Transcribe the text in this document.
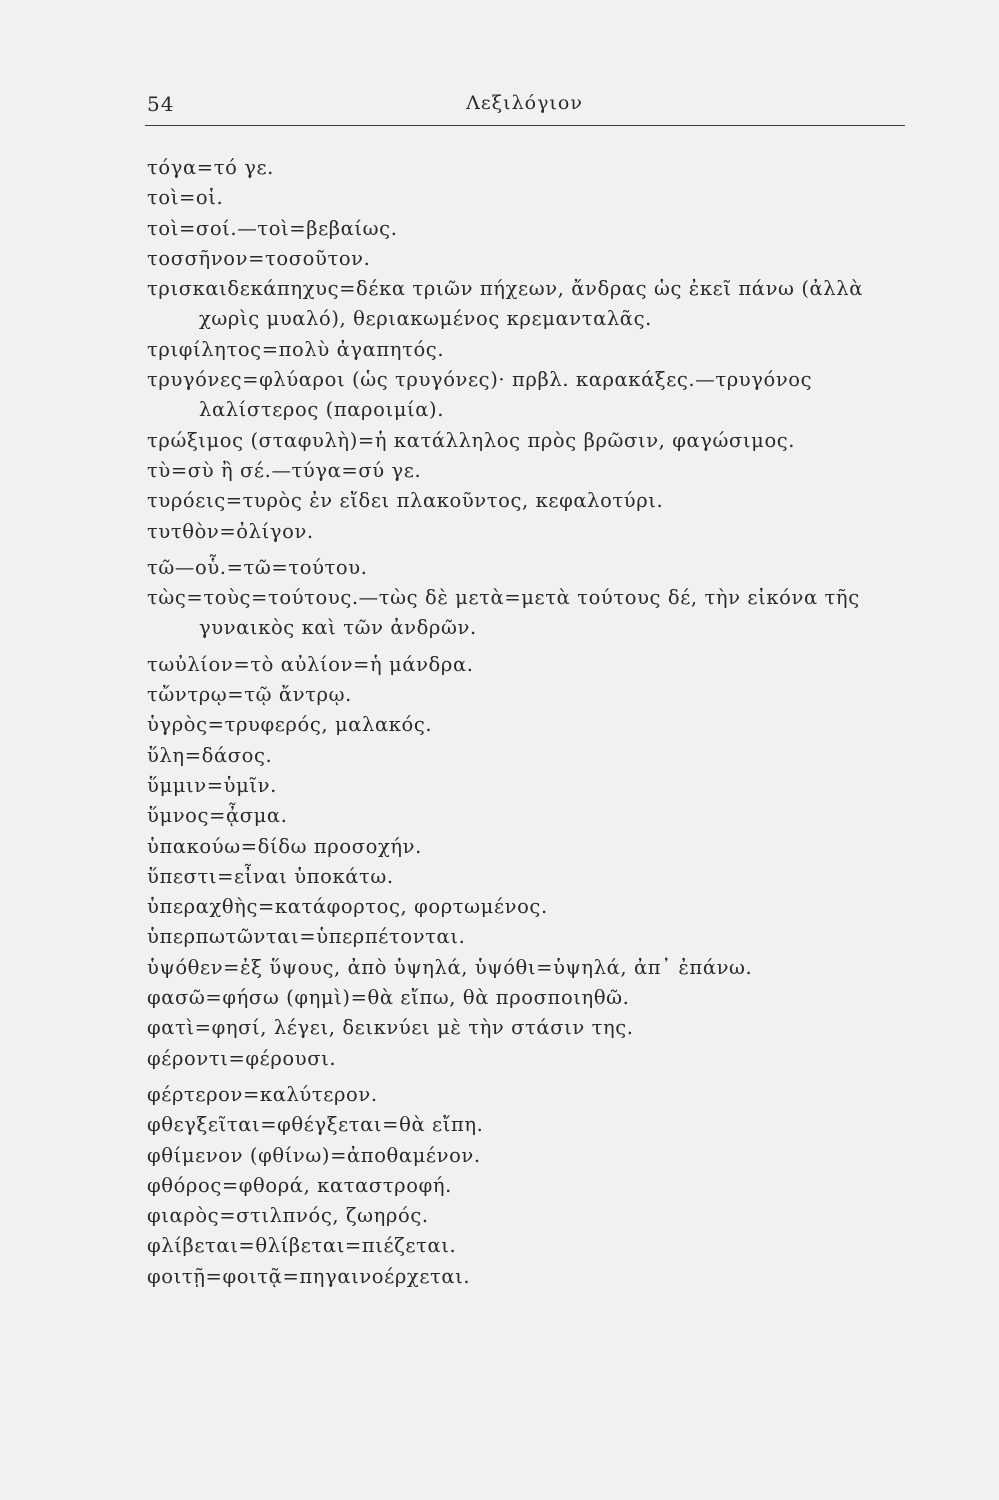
54	Λεξιλόγιον
τόγα=τό γε.
τοὶ=οἱ.
τοὶ=σοί.—τοὶ=βεβαίως.
τοσσῆνον=τοσοῦτον.
τρισκαιδεκάπηχυς=δέκα τριῶν πήχεων, ἄνδρας ὡς ἐκεῖ πάνω (ἀλλὰ χωρὶς μυαλό), θεριακωμένος κρεμανταλᾶς.
τριφίλητος=πολὺ ἀγαπητός.
τρυγόνες=φλύαροι (ὡς τρυγόνες)· πρβλ. καρακάξες.—τρυγόνος λαλίστερος (παροιμία).
τρώξιμος (σταφυλὴ)=ἡ κατάλληλος πρὸς βρῶσιν, φαγώσιμος.
τὺ=σὺ ἢ σέ.—τύγα=σύ γε.
τυρόεις=τυρὸς ἐν εἴδει πλακοῦντος, κεφαλοτύρι.
τυτθὸν=ὀλίγον.
τῶ—οὗ.=τῶ=τούτου.
τὼς=τοὺς=τούτους.—τὼς δὲ μετὰ=μετὰ τούτους δέ, τὴν εἰκόνα τῆς γυναικὸς καὶ τῶν ἀνδρῶν.
τωὐλίον=τὸ αὐλίον=ἡ μάνδρα.
τὤντρῳ=τῷ ἄντρῳ.
ὑγρὸς=τρυφερός, μαλακός.
ὕλη=δάσος.
ὕμμιν=ὑμῖν.
ὕμνος=ᾆσμα.
ὑπακούω=δίδω προσοχήν.
ὕπεστι=εἶναι ὑποκάτω.
ὑπεραχθὴς=κατάφορτος, φορτωμένος.
ὑπερπωτῶνται=ὑπερπέτονται.
ὑψόθεν=ἐξ ὕψους, ἀπὸ ὑψηλά, ὑψόθι=ὑψηλά, ἀπ᾽ ἐπάνω.
φασῶ=φήσω (φημὶ)=θὰ εἴπω, θὰ προσποιηθῶ.
φατὶ=φησί, λέγει, δεικνύει μὲ τὴν στάσιν της.
φέροντι=φέρουσι.
φέρτερον=καλύτερον.
φθεγξεῖται=φθέγξεται=θὰ εἴπη.
φθίμενον (φθίνω)=ἀποθαμένον.
φθόρος=φθορά, καταστροφή.
φιαρὸς=στιλπνός, ζωηρός.
φλίβεται=θλίβεται=πιέζεται.
φοιτῇ=φοιτᾷ=πηγαινοέρχεται.
